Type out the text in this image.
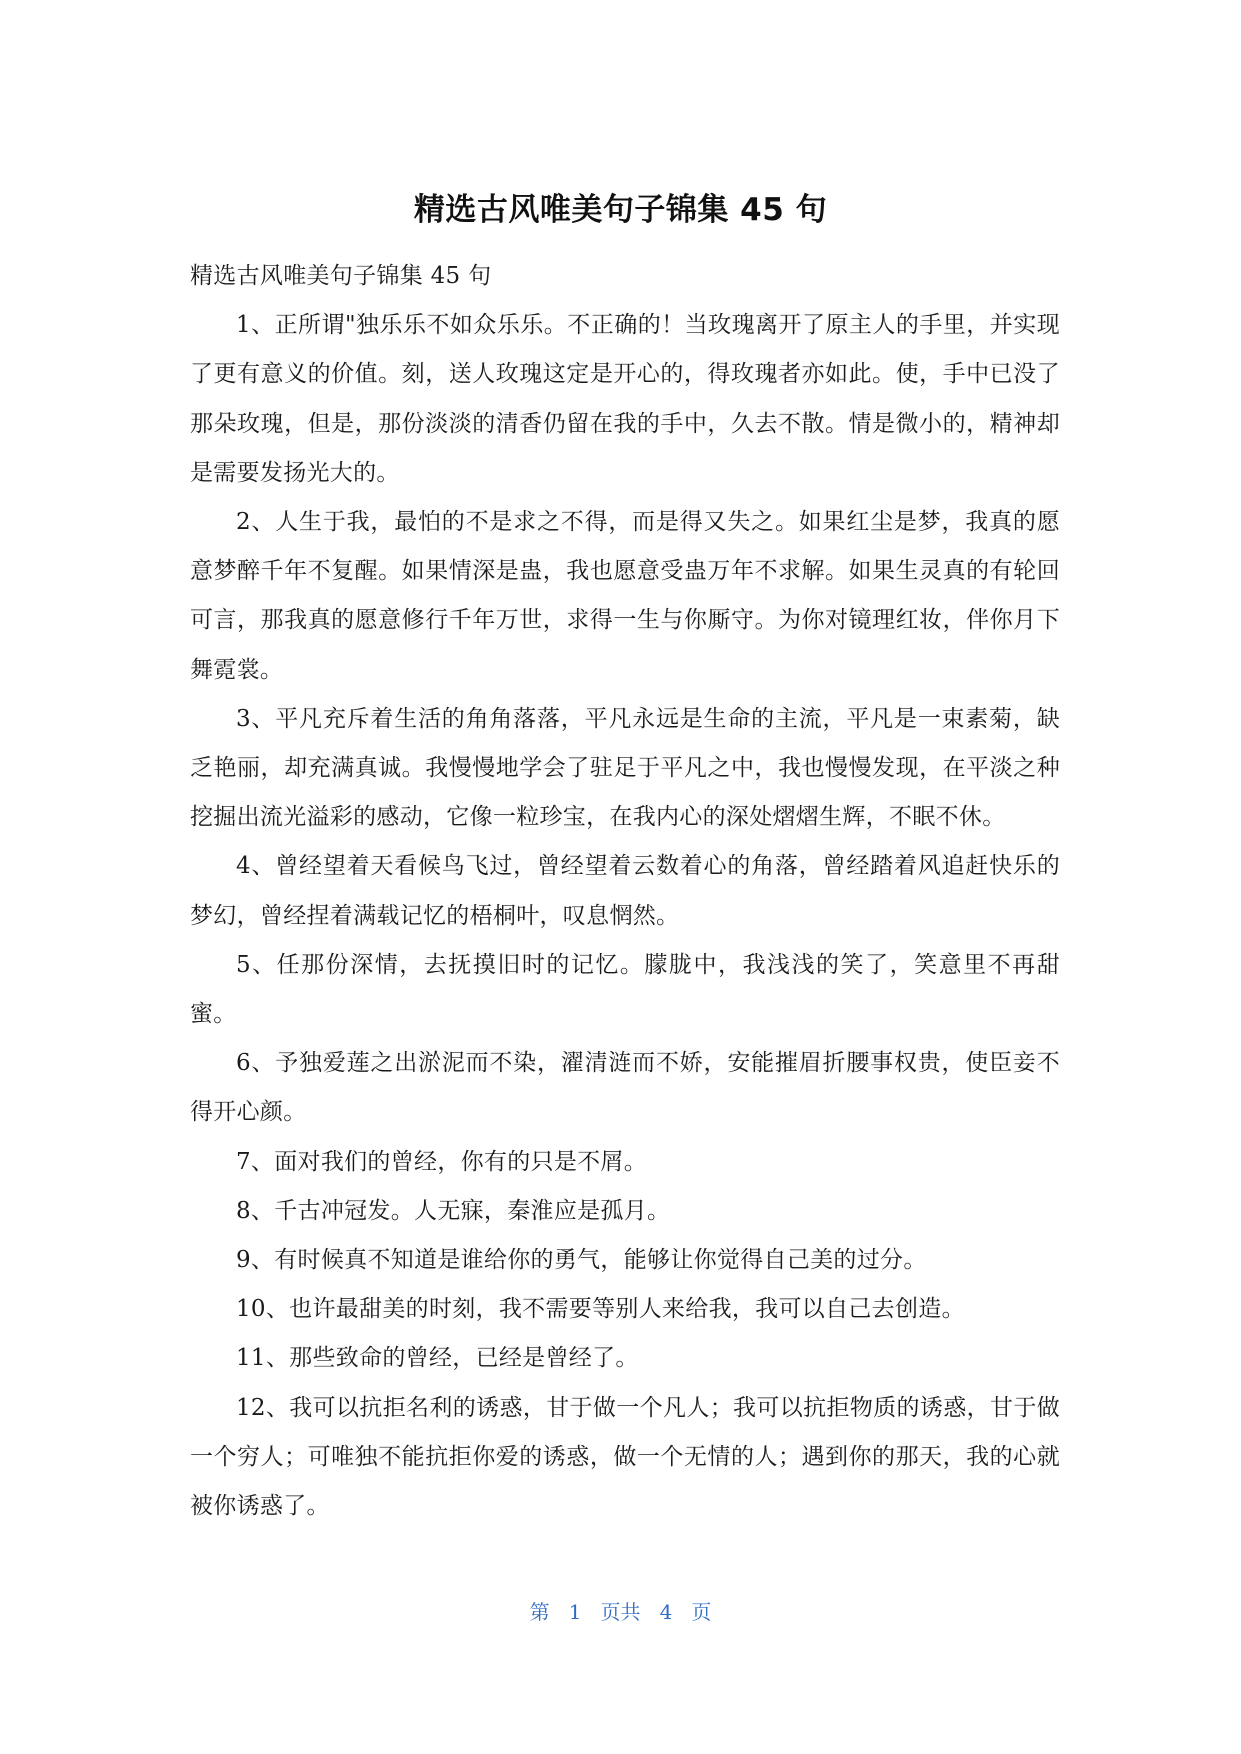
精选古风唯美句子锦集 45 句

精选古风唯美句子锦集 45 句

1、正所谓"独乐乐不如众乐乐。不正确的！当玫瑰离开了原主人的手里，并实现了更有意义的价值。刻，送人玫瑰这定是开心的，得玫瑰者亦如此。使，手中已没了那朵玫瑰，但是，那份淡淡的清香仍留在我的手中，久去不散。情是微小的，精神却是需要发扬光大的。

2、人生于我，最怕的不是求之不得，而是得又失之。如果红尘是梦，我真的愿意梦醉千年不复醒。如果情深是蛊，我也愿意受蛊万年不求解。如果生灵真的有轮回可言，那我真的愿意修行千年万世，求得一生与你厮守。为你对镜理红妆，伴你月下舞霓裳。

3、平凡充斥着生活的角角落落，平凡永远是生命的主流，平凡是一束素菊，缺乏艳丽，却充满真诚。我慢慢地学会了驻足于平凡之中，我也慢慢发现，在平淡之种挖掘出流光溢彩的感动，它像一粒珍宝，在我内心的深处熠熠生辉，不眠不休。

4、曾经望着天看候鸟飞过，曾经望着云数着心的角落，曾经踏着风追赶快乐的梦幻，曾经捏着满载记忆的梧桐叶，叹息惘然。

5、任那份深情，去抚摸旧时的记忆。朦胧中，我浅浅的笑了，笑意里不再甜蜜。

6、予独爱莲之出淤泥而不染，濯清涟而不娇，安能摧眉折腰事权贵，使臣妾不得开心颜。

7、面对我们的曾经，你有的只是不屑。

8、千古冲冠发。人无寐，秦淮应是孤月。

9、有时候真不知道是谁给你的勇气，能够让你觉得自己美的过分。

10、也许最甜美的时刻，我不需要等别人来给我，我可以自己去创造。

11、那些致命的曾经，已经是曾经了。

12、我可以抗拒名利的诱惑，甘于做一个凡人；我可以抗拒物质的诱惑，甘于做一个穷人；可唯独不能抗拒你爱的诱惑，做一个无情的人；遇到你的那天，我的心就被你诱惑了。

第 1 页共 4 页
